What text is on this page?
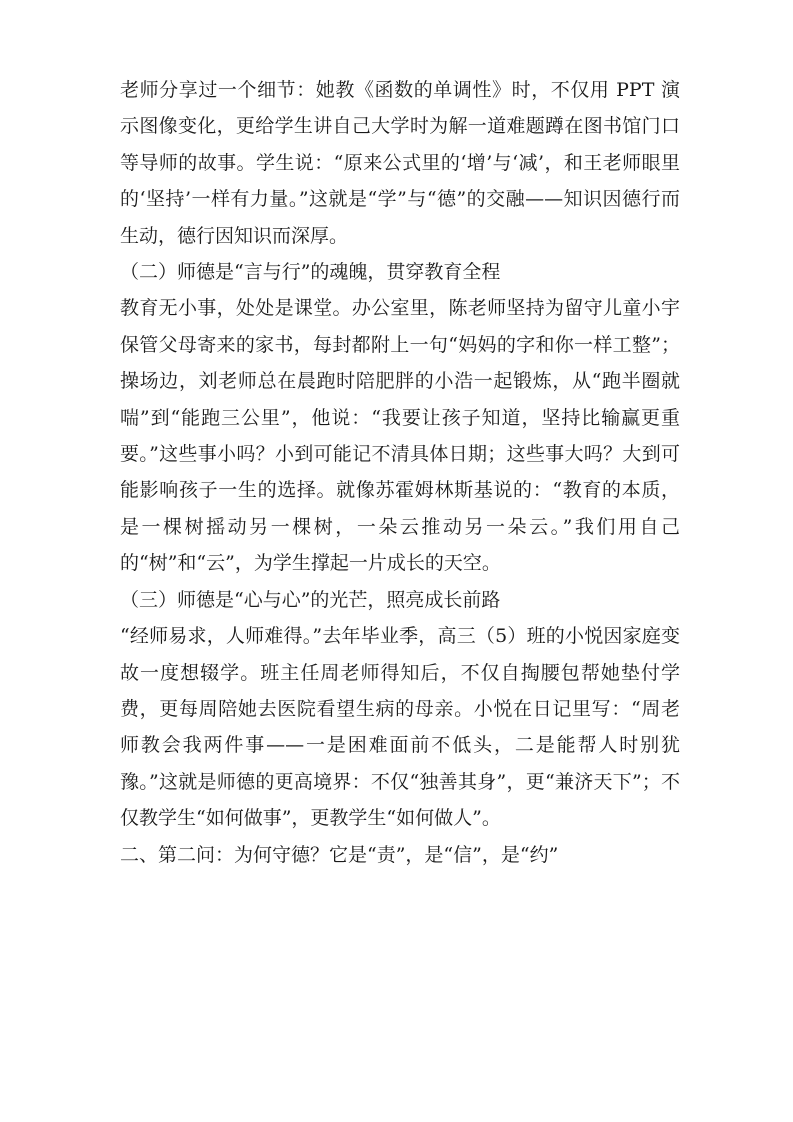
老师分享过一个细节：她教《函数的单调性》时，不仅用 PPT 演示图像变化，更给学生讲自己大学时为解一道难题蹲在图书馆门口等导师的故事。学生说：“原来公式里的‘增’与‘减’，和王老师眼里的‘坚持’一样有力量。”这就是“学”与“德”的交融——知识因德行而生动，德行因知识而深厚。

（二）师德是“言与行”的魂魄，贯穿教育全程

教育无小事，处处是课堂。办公室里，陈老师坚持为留守儿童小宇保管父母寄来的家书，每封都附上一句“妈妈的字和你一样工整”；操场边，刘老师总在晨跑时陪肥胖的小浩一起锻炼，从“跑半圈就喘”到“能跑三公里”，他说：“我要让孩子知道，坚持比输赢更重要。”这些事小吗？小到可能记不清具体日期；这些事大吗？大到可能影响孩子一生的选择。就像苏霍姆林斯基说的：“教育的本质，是一棵树摇动另一棵树，一朵云推动另一朵云。”我们用自己的“树”和“云”，为学生撑起一片成长的天空。

（三）师德是“心与心”的光芒，照亮成长前路

“经师易求，人师难得。”去年毕业季，高三（5）班的小悦因家庭变故一度想辍学。班主任周老师得知后，不仅自掏腰包帮她垫付学费，更每周陪她去医院看望生病的母亲。小悦在日记里写：“周老师教会我两件事——一是困难面前不低头，二是能帮人时别犹豫。”这就是师德的更高境界：不仅“独善其身”，更“兼济天下”；不仅教学生“如何做事”，更教学生“如何做人”。

二、第二问：为何守德？它是“责”，是“信”，是“约”
